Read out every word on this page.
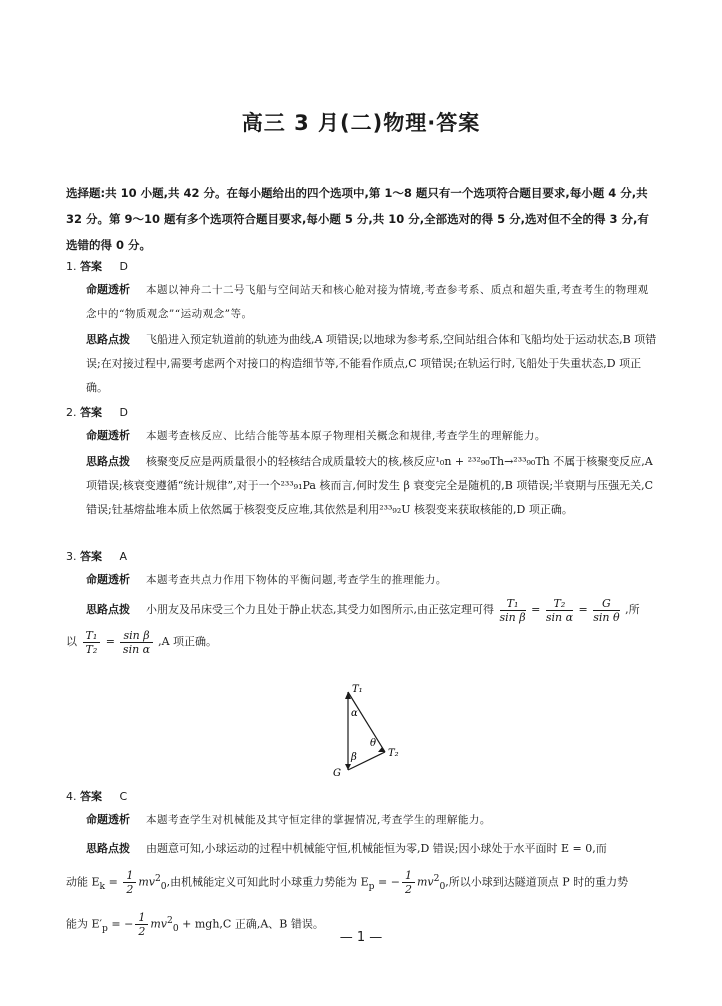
高三 3 月(二)物理·答案
选择题:共 10 小题,共 42 分。在每小题给出的四个选项中,第 1～8 题只有一个选项符合题目要求,每小题 4 分,共 32 分。第 9～10 题有多个选项符合题目要求,每小题 5 分,共 10 分,全部选对的得 5 分,选对但不全的得 3 分,有选错的得 0 分。
1. 答案 D
命题透析	本题以神舟二十二号飞船与空间站天和核心舱对接为情境,考查参考系、质点和超失重,考查考生的物理观念中的“物质观念”“运动观念”等。
思路点拨	飞船进入预定轨道前的轨迹为曲线,A 项错误;以地球为参考系,空间站组合体和飞船均处于运动状态,B 项错误;在对接过程中,需要考虑两个对接口的构造细节等,不能看作质点,C 项错误;在轨运行时,飞船处于失重状态,D 项正确。
2. 答案 D
命题透析	本题考查核反应、比结合能等基本原子物理相关概念和规律,考查学生的理解能力。
思路点拨	核聚变反应是两质量很小的轻核结合成质量较大的核,核反应¹₀n + ²³²₉₀Th→²³³₉₀Th 不属于核聚变反应,A 项错误;核衰变遵循“统计规律”,对于一个²³³₉₁Pa 核而言,何时发生 β 衰变完全是随机的,B 项错误;半衰期与压强无关,C 错误;钍基熔盐堆本质上依然属于核裂变反应堆,其依然是利用²³³₉₂U 核裂变来获取核能的,D 项正确。
3. 答案 A
命题透析	本题考查共点力作用下物体的平衡问题,考查学生的推理能力。
思路点拨	小朋友及吊床受三个力且处于静止状态,其受力如图所示,由正弦定理可得 $\frac{\text{T₁}}{\text{sin β}} = \frac{\text{T₂}}{\text{sin α}} = \frac{G}{\text{sin θ}}$ ,所
以 $\frac{\text{T₁}}{\text{T₂}} = \frac{\text{sin β}}{\text{sin α}} ,A$ 项正确。
T₁
α
θ
T₂
β
G
4. 答案 C
命题透析	本题考查学生对机械能及其守恒定律的掌握情况,考查学生的理解能力。
思路点拨	由题意可知,小球运动的过程中机械能守恒,机械能恒为零,D 错误;因小球处于水平面时 E = 0,而
动能 $E_k = \frac{1}{2} mv^2_0$,由机械能定义可知此时小球重力势能为 $E_p$ = − $\frac{1}{2} mv^2_0$,所以小球到达隧道顶点 P 时的重力势
能为 $E'_p$ = − $\frac{1}{2} mv^2_0 + mgh,C$ 正确,A、B 错误。
— 1 —
